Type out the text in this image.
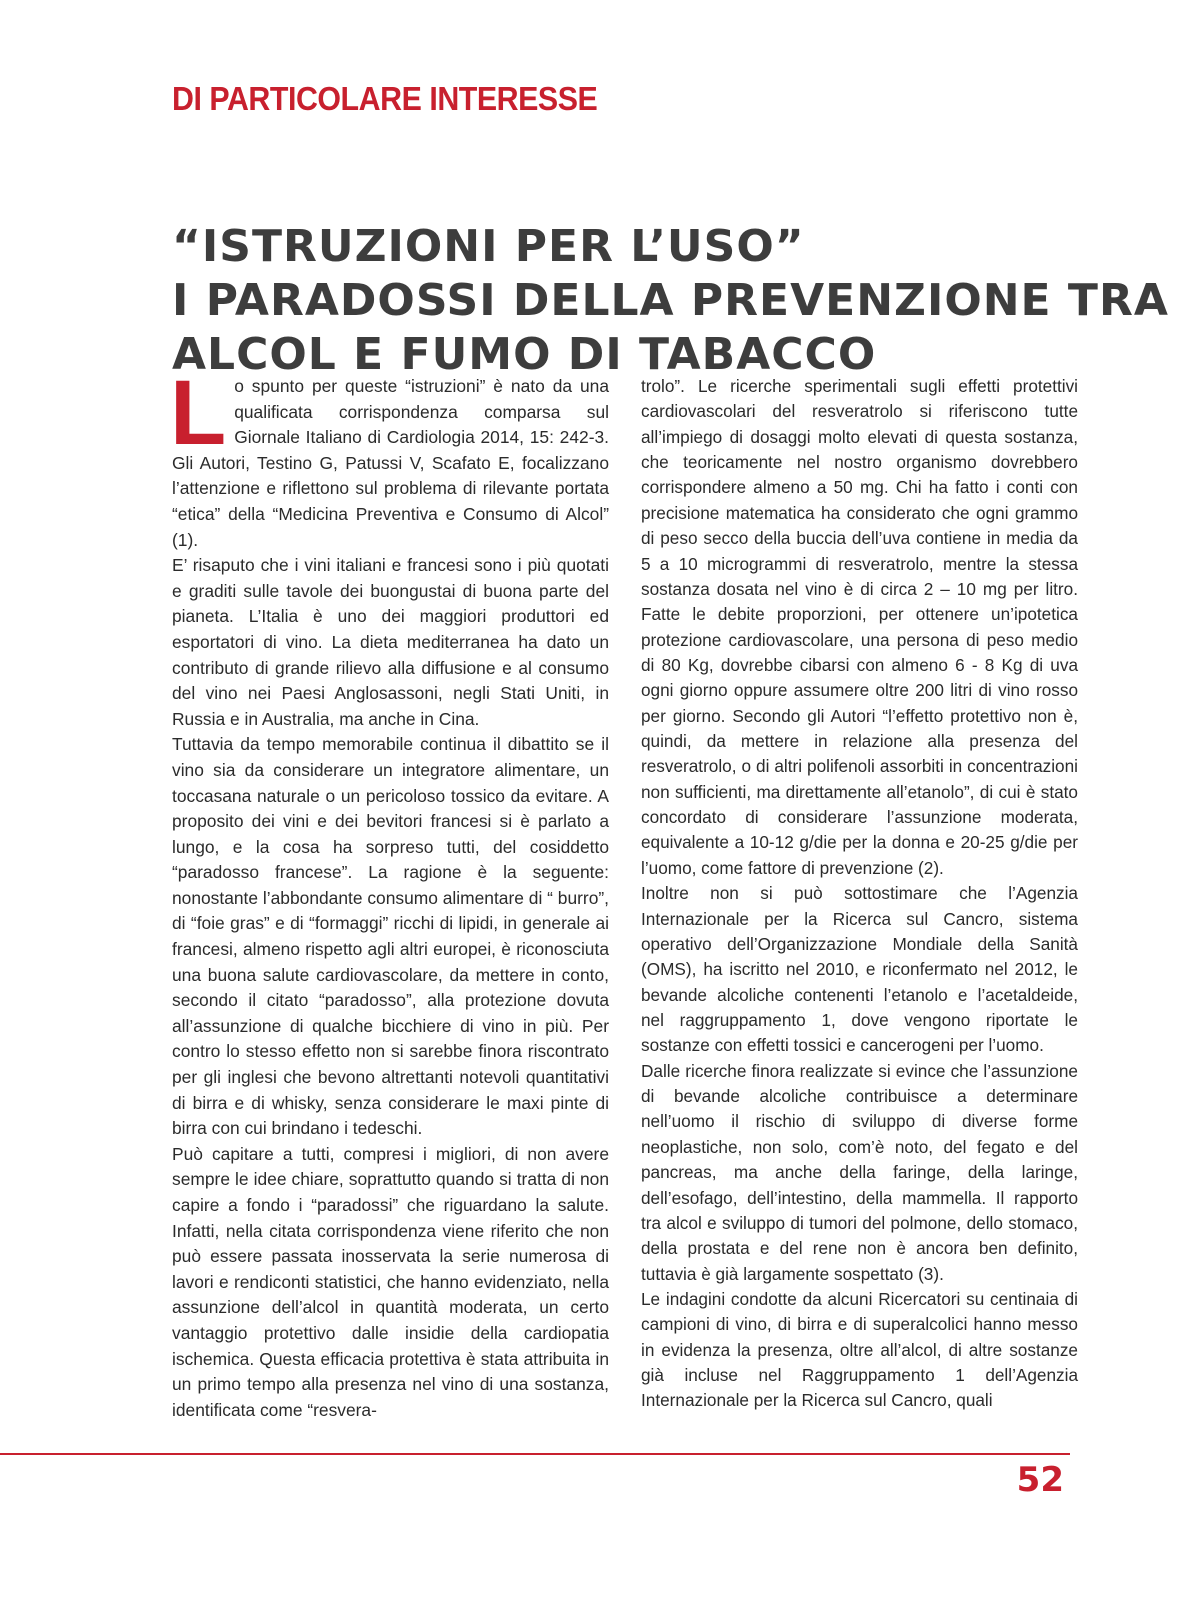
DI PARTICOLARE INTERESSE
“ISTRUZIONI PER L’USO”
I PARADOSSI DELLA PREVENZIONE TRA
ALCOL E FUMO DI TABACCO

Lo spunto per queste “istruzioni” è nato da una qualificata corrispondenza comparsa sul Giornale Italiano di Cardiologia 2014, 15: 242-3. Gli Autori, Testino G, Patussi V, Scafato E, focalizzano l’attenzione e riflettono sul problema di rilevante portata “etica” della “Medicina Preventiva e Consumo di Alcol” (1).

E’ risaputo che i vini italiani e francesi sono i più quotati e graditi sulle tavole dei buongustai di buona parte del pianeta. L’Italia è uno dei maggiori produttori ed esportatori di vino. La dieta mediterranea ha dato un contributo di grande rilievo alla diffusione e al consumo del vino nei Paesi Anglosassoni, negli Stati Uniti, in Russia e in Australia, ma anche in Cina.

Tuttavia da tempo memorabile continua il dibattito se il vino sia da considerare un integratore alimentare, un toccasana naturale o un pericoloso tossico da evitare. A proposito dei vini e dei bevitori francesi si è parlato a lungo, e la cosa ha sorpreso tutti, del cosiddetto “paradosso francese”. La ragione è la seguente: nonostante l’abbondante consumo alimentare di “ burro”, di “foie gras” e di “formaggi” ricchi di lipidi, in generale ai francesi, almeno rispetto agli altri europei, è riconosciuta una buona salute cardiovascolare, da mettere in conto, secondo il citato “paradosso”, alla protezione dovuta all’assunzione di qualche bicchiere di vino in più. Per contro lo stesso effetto non si sarebbe finora riscontrato per gli inglesi che bevono altrettanti notevoli quantitativi di birra e di whisky, senza considerare le maxi pinte di birra con cui brindano i tedeschi.

Può capitare a tutti, compresi i migliori, di non avere sempre le idee chiare, soprattutto quando si tratta di non capire a fondo i “paradossi” che riguardano la salute. Infatti, nella citata corrispondenza viene riferito che non può essere passata inosservata la serie numerosa di lavori e rendiconti statistici, che hanno evidenziato, nella assunzione dell’alcol in quantità moderata, un certo vantaggio protettivo dalle insidie della cardiopatia ischemica. Questa efficacia protettiva è stata attribuita in un primo tempo alla presenza nel vino di una sostanza, identificata come “resvera-

trolo”. Le ricerche sperimentali sugli effetti protettivi cardiovascolari del resveratrolo si riferiscono tutte all’impiego di dosaggi molto elevati di questa sostanza, che teoricamente nel nostro organismo dovrebbero corrispondere almeno a 50 mg. Chi ha fatto i conti con precisione matematica ha considerato che ogni grammo di peso secco della buccia dell’uva contiene in media da 5 a 10 microgrammi di resveratrolo, mentre la stessa sostanza dosata nel vino è di circa 2 – 10 mg per litro. Fatte le debite proporzioni, per ottenere un’ipotetica protezione cardiovascolare, una persona di peso medio di 80 Kg, dovrebbe cibarsi con almeno 6 - 8 Kg di uva ogni giorno oppure assumere oltre 200 litri di vino rosso per giorno. Secondo gli Autori “l’effetto protettivo non è, quindi, da mettere in relazione alla presenza del resveratrolo, o di altri polifenoli assorbiti in concentrazioni non sufficienti, ma direttamente all’etanolo”, di cui è stato concordato di considerare l’assunzione moderata, equivalente a 10-12 g/die per la donna e 20-25 g/die per l’uomo, come fattore di prevenzione (2).

Inoltre non si può sottostimare che l’Agenzia Internazionale per la Ricerca sul Cancro, sistema operativo dell’Organizzazione Mondiale della Sanità (OMS), ha iscritto nel 2010, e riconfermato nel 2012, le bevande alcoliche contenenti l’etanolo e l’acetaldeide, nel raggruppamento 1, dove vengono riportate le sostanze con effetti tossici e cancerogeni per l’uomo.

Dalle ricerche finora realizzate si evince che l’assunzione di bevande alcoliche contribuisce a determinare nell’uomo il rischio di sviluppo di diverse forme neoplastiche, non solo, com’è noto, del fegato e del pancreas, ma anche della faringe, della laringe, dell’esofago, dell’intestino, della mammella. Il rapporto tra alcol e sviluppo di tumori del polmone, dello stomaco, della prostata e del rene non è ancora ben definito, tuttavia è già largamente sospettato (3).

Le indagini condotte da alcuni Ricercatori su centinaia di campioni di vino, di birra e di superalcolici hanno messo in evidenza la presenza, oltre all’alcol, di altre sostanze già incluse nel Raggruppamento 1 dell’Agenzia Internazionale per la Ricerca sul Cancro, quali

52
